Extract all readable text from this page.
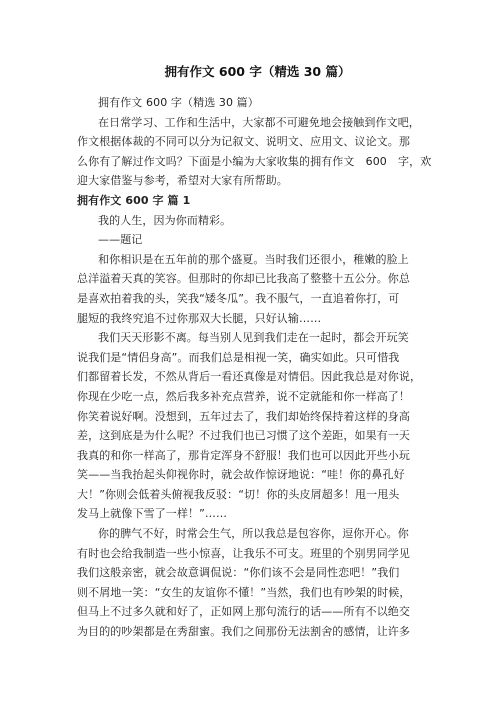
拥有作文 600 字（精选 30 篇）
拥有作文 600 字（精选 30 篇）
在日常学习、工作和生活中，大家都不可避免地会接触到作文吧，
作文根据体裁的不同可以分为记叙文、说明文、应用文、议论文。那
么你有了解过作文吗？下面是小编为大家收集的拥有作文　600　字，欢
迎大家借鉴与参考，希望对大家有所帮助。
拥有作文 600 字 篇 1
我的人生，因为你而精彩。
——题记
和你相识是在五年前的那个盛夏。当时我们还很小，稚嫩的脸上
总洋溢着天真的笑容。但那时的你却已比我高了整整十五公分。你总
是喜欢拍着我的头，笑我“矮冬瓜”。我不服气，一直追着你打，可
腿短的我终究追不过你那双大长腿，只好认输……
我们天天形影不离。每当别人见到我们走在一起时，都会开玩笑
说我们是“情侣身高”。而我们总是相视一笑，确实如此。只可惜我
们都留着长发，不然从背后一看还真像是对情侣。因此我总是对你说，
你现在少吃一点，然后我多补充点营养，说不定就能和你一样高了！
你笑着说好啊。没想到，五年过去了，我们却始终保持着这样的身高
差，这到底是为什么呢？不过我们也已习惯了这个差距，如果有一天
我真的和你一样高了，那肯定浑身不舒服！我们也可以因此开些小玩
笑——当我抬起头仰视你时，就会故作惊讶地说：“哇！你的鼻孔好
大！”你则会低着头俯视我反驳：“切！你的头皮屑超多！甩一甩头
发马上就像下雪了一样！”……
你的脾气不好，时常会生气，所以我总是包容你，逗你开心。你
有时也会给我制造一些小惊喜，让我乐不可支。班里的个别男同学见
我们这般亲密，就会故意调侃说：“你们该不会是同性恋吧！”我们
则不屑地一笑：“女生的友谊你不懂！”当然，我们也有吵架的时候，
但马上不过多久就和好了，正如网上那句流行的话——所有不以绝交
为目的的吵架都是在秀甜蜜。我们之间那份无法割舍的感情，让许多
